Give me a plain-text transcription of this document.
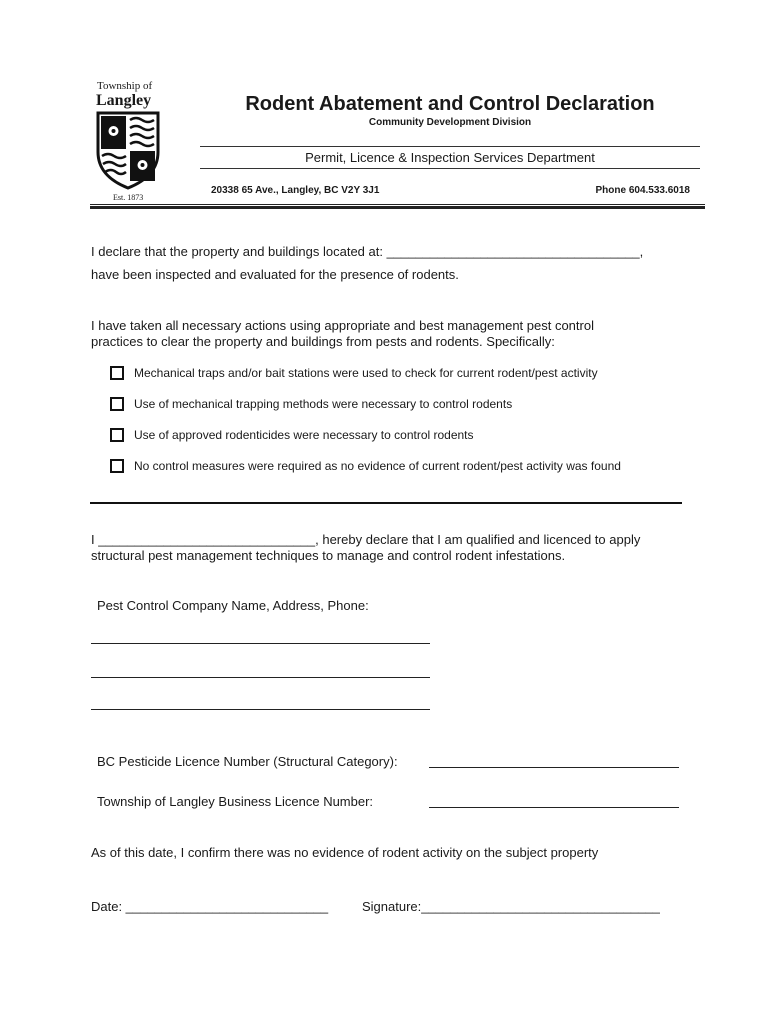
Township of
Langley
Est. 1873
Rodent Abatement and Control Declaration
Community Development Division
Permit, Licence & Inspection Services Department
20338 65 Ave., Langley, BC V2Y 3J1	Phone 604.533.6018
I declare that the property and buildings located at: ___________________________________,
have been inspected and evaluated for the presence of rodents.
I have taken all necessary actions using appropriate and best management pest control
practices to clear the property and buildings from pests and rodents. Specifically:
Mechanical traps and/or bait stations were used to check for current rodent/pest activity
Use of mechanical trapping methods were necessary to control rodents
Use of approved rodenticides were necessary to control rodents
No control measures were required as no evidence of current rodent/pest activity was found
I ______________________________, hereby declare that I am qualified and licenced to apply
structural pest management techniques to manage and control rodent infestations.
Pest Control Company Name, Address, Phone:
BC Pesticide Licence Number (Structural Category):
Township of Langley Business Licence Number:
As of this date, I confirm there was no evidence of rodent activity on the subject property
Date: ____________________________	Signature:_________________________________
